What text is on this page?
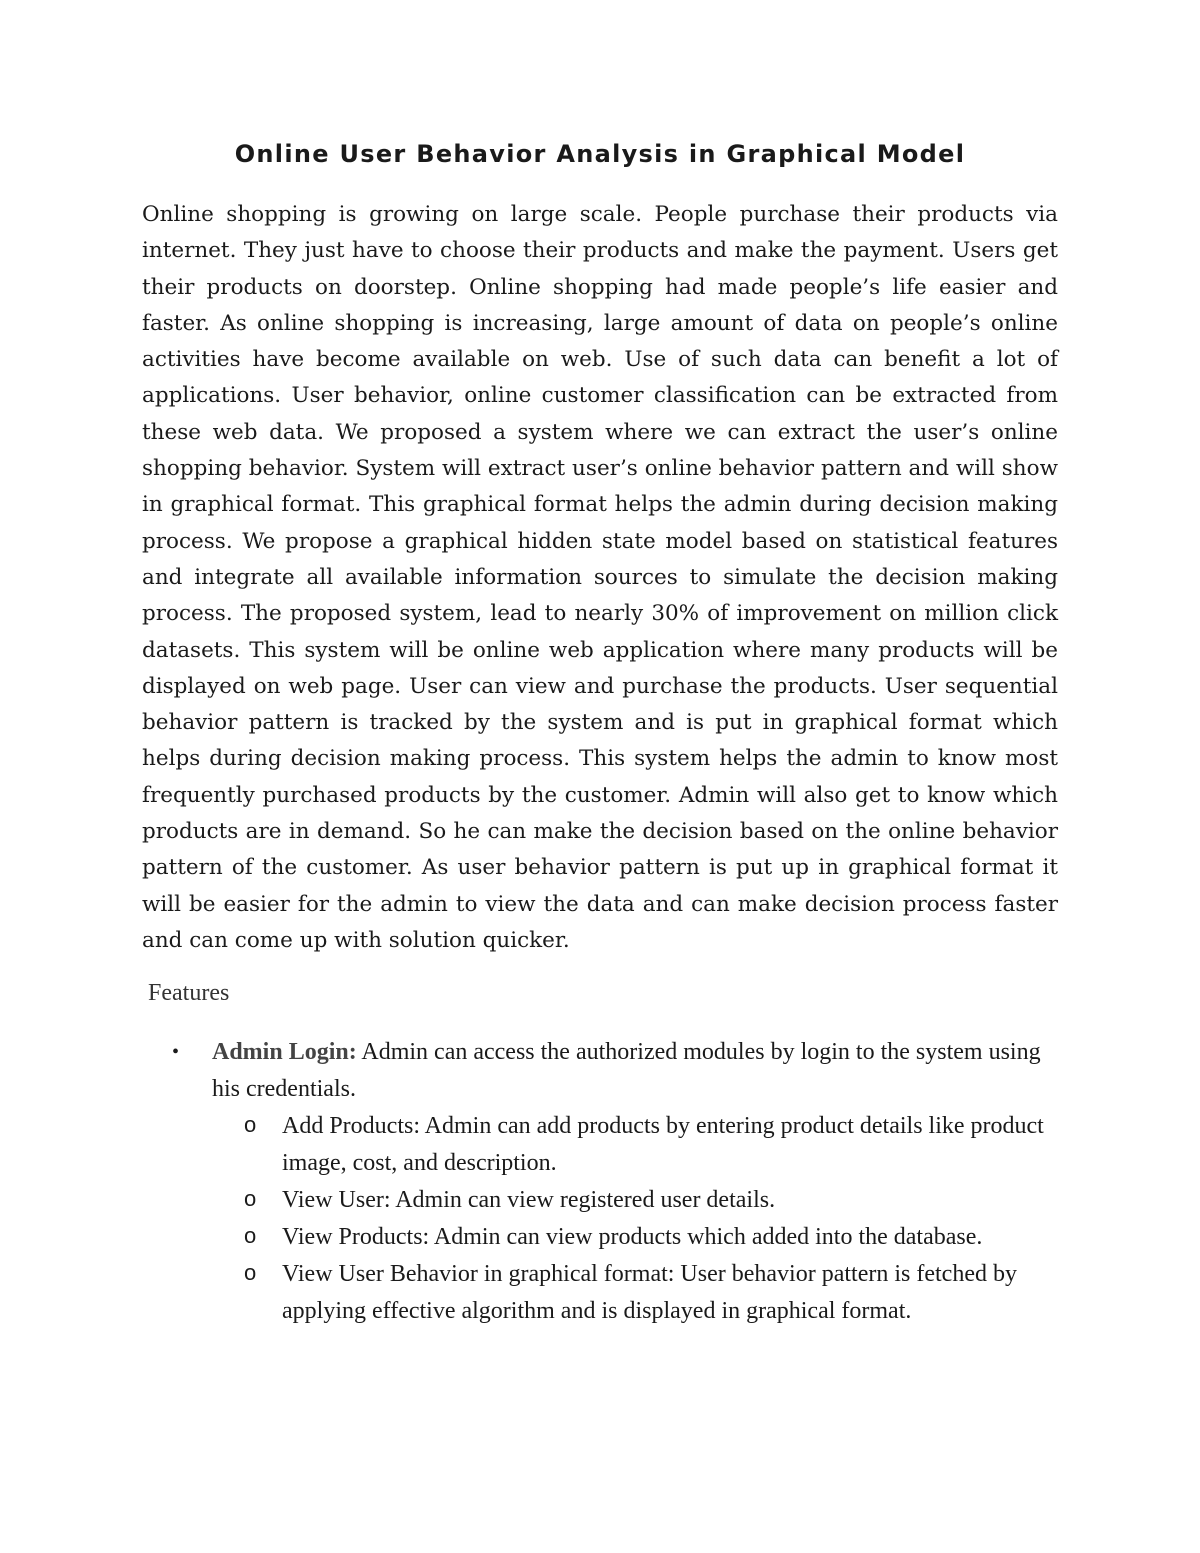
Online User Behavior Analysis in Graphical Model

Online shopping is growing on large scale. People purchase their products via internet. They just have to choose their products and make the payment. Users get their products on doorstep. Online shopping had made people’s life easier and faster. As online shopping is increasing, large amount of data on people’s online activities have become available on web. Use of such data can benefit a lot of applications. User behavior, online customer classification can be extracted from these web data. We proposed a system where we can extract the user’s online shopping behavior. System will extract user’s online behavior pattern and will show in graphical format. This graphical format helps the admin during decision making process. We propose a graphical hidden state model based on statistical features and integrate all available information sources to simulate the decision making process. The proposed system, lead to nearly 30% of improvement on million click datasets. This system will be online web application where many products will be displayed on web page. User can view and purchase the products. User sequential behavior pattern is tracked by the system and is put in graphical format which helps during decision making process. This system helps the admin to know most frequently purchased products by the customer. Admin will also get to know which products are in demand. So he can make the decision based on the online behavior pattern of the customer. As user behavior pattern is put up in graphical format it will be easier for the admin to view the data and can make decision process faster and can come up with solution quicker.

Features

•	Admin Login: Admin can access the authorized modules by login to the system using his credentials.
o Add Products: Admin can add products by entering product details like product image, cost, and description.
o View User: Admin can view registered user details.
o View Products: Admin can view products which added into the database.
o View User Behavior in graphical format: User behavior pattern is fetched by applying effective algorithm and is displayed in graphical format.
